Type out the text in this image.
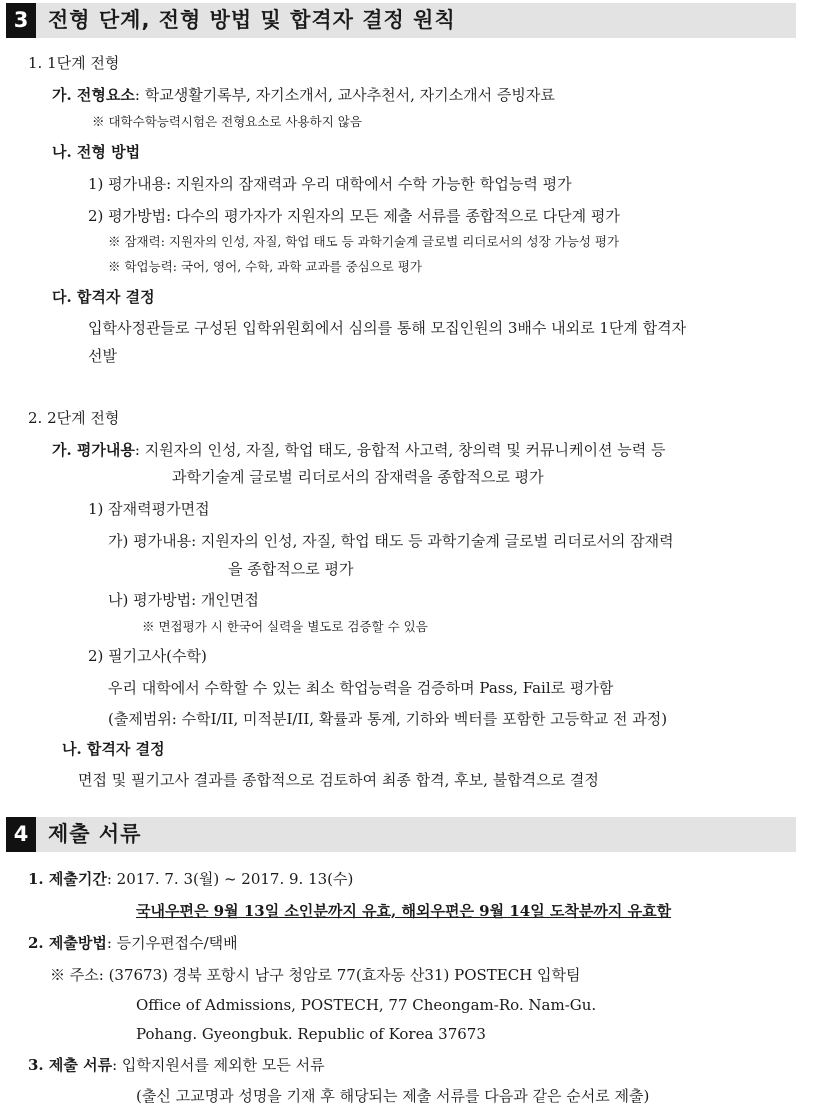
3 전형 단계, 전형 방법 및 합격자 결정 원칙
1. 1단계 전형
가. 전형요소: 학교생활기록부, 자기소개서, 교사추천서, 자기소개서 증빙자료
※ 대학수학능력시험은 전형요소로 사용하지 않음
나. 전형 방법
1) 평가내용: 지원자의 잠재력과 우리 대학에서 수학 가능한 학업능력 평가
2) 평가방법: 다수의 평가자가 지원자의 모든 제출 서류를 종합적으로 다단계 평가
※ 잠재력: 지원자의 인성, 자질, 학업 태도 등 과학기술계 글로벌 리더로서의 성장 가능성 평가
※ 학업능력: 국어, 영어, 수학, 과학 교과를 중심으로 평가
다. 합격자 결정
입학사정관들로 구성된 입학위원회에서 심의를 통해 모집인원의 3배수 내외로 1단계 합격자
선발
2. 2단계 전형
가. 평가내용: 지원자의 인성, 자질, 학업 태도, 융합적 사고력, 창의력 및 커뮤니케이션 능력 등
과학기술계 글로벌 리더로서의 잠재력을 종합적으로 평가
1) 잠재력평가면접
가) 평가내용: 지원자의 인성, 자질, 학업 태도 등 과학기술계 글로벌 리더로서의 잠재력
을 종합적으로 평가
나) 평가방법: 개인면접
※ 면접평가 시 한국어 실력을 별도로 검증할 수 있음
2) 필기고사(수학)
우리 대학에서 수학할 수 있는 최소 학업능력을 검증하며 Pass, Fail로 평가함
(출제범위: 수학I/II, 미적분I/II, 확률과 통계, 기하와 벡터를 포함한 고등학교 전 과정)
나. 합격자 결정
면접 및 필기고사 결과를 종합적으로 검토하여 최종 합격, 후보, 불합격으로 결정
4 제출 서류
1. 제출기간: 2017. 7. 3(월) ~ 2017. 9. 13(수)
국내우편은 9월 13일 소인분까지 유효, 해외우편은 9월 14일 도착분까지 유효함
2. 제출방법: 등기우편접수/택배
※ 주소: (37673) 경북 포항시 남구 청암로 77(효자동 산31) POSTECH 입학팀
Office of Admissions, POSTECH, 77 Cheongam-Ro. Nam-Gu.
Pohang. Gyeongbuk. Republic of Korea 37673
3. 제출 서류: 입학지원서를 제외한 모든 서류
(출신 고교명과 성명을 기재 후 해당되는 제출 서류를 다음과 같은 순서로 제출)
